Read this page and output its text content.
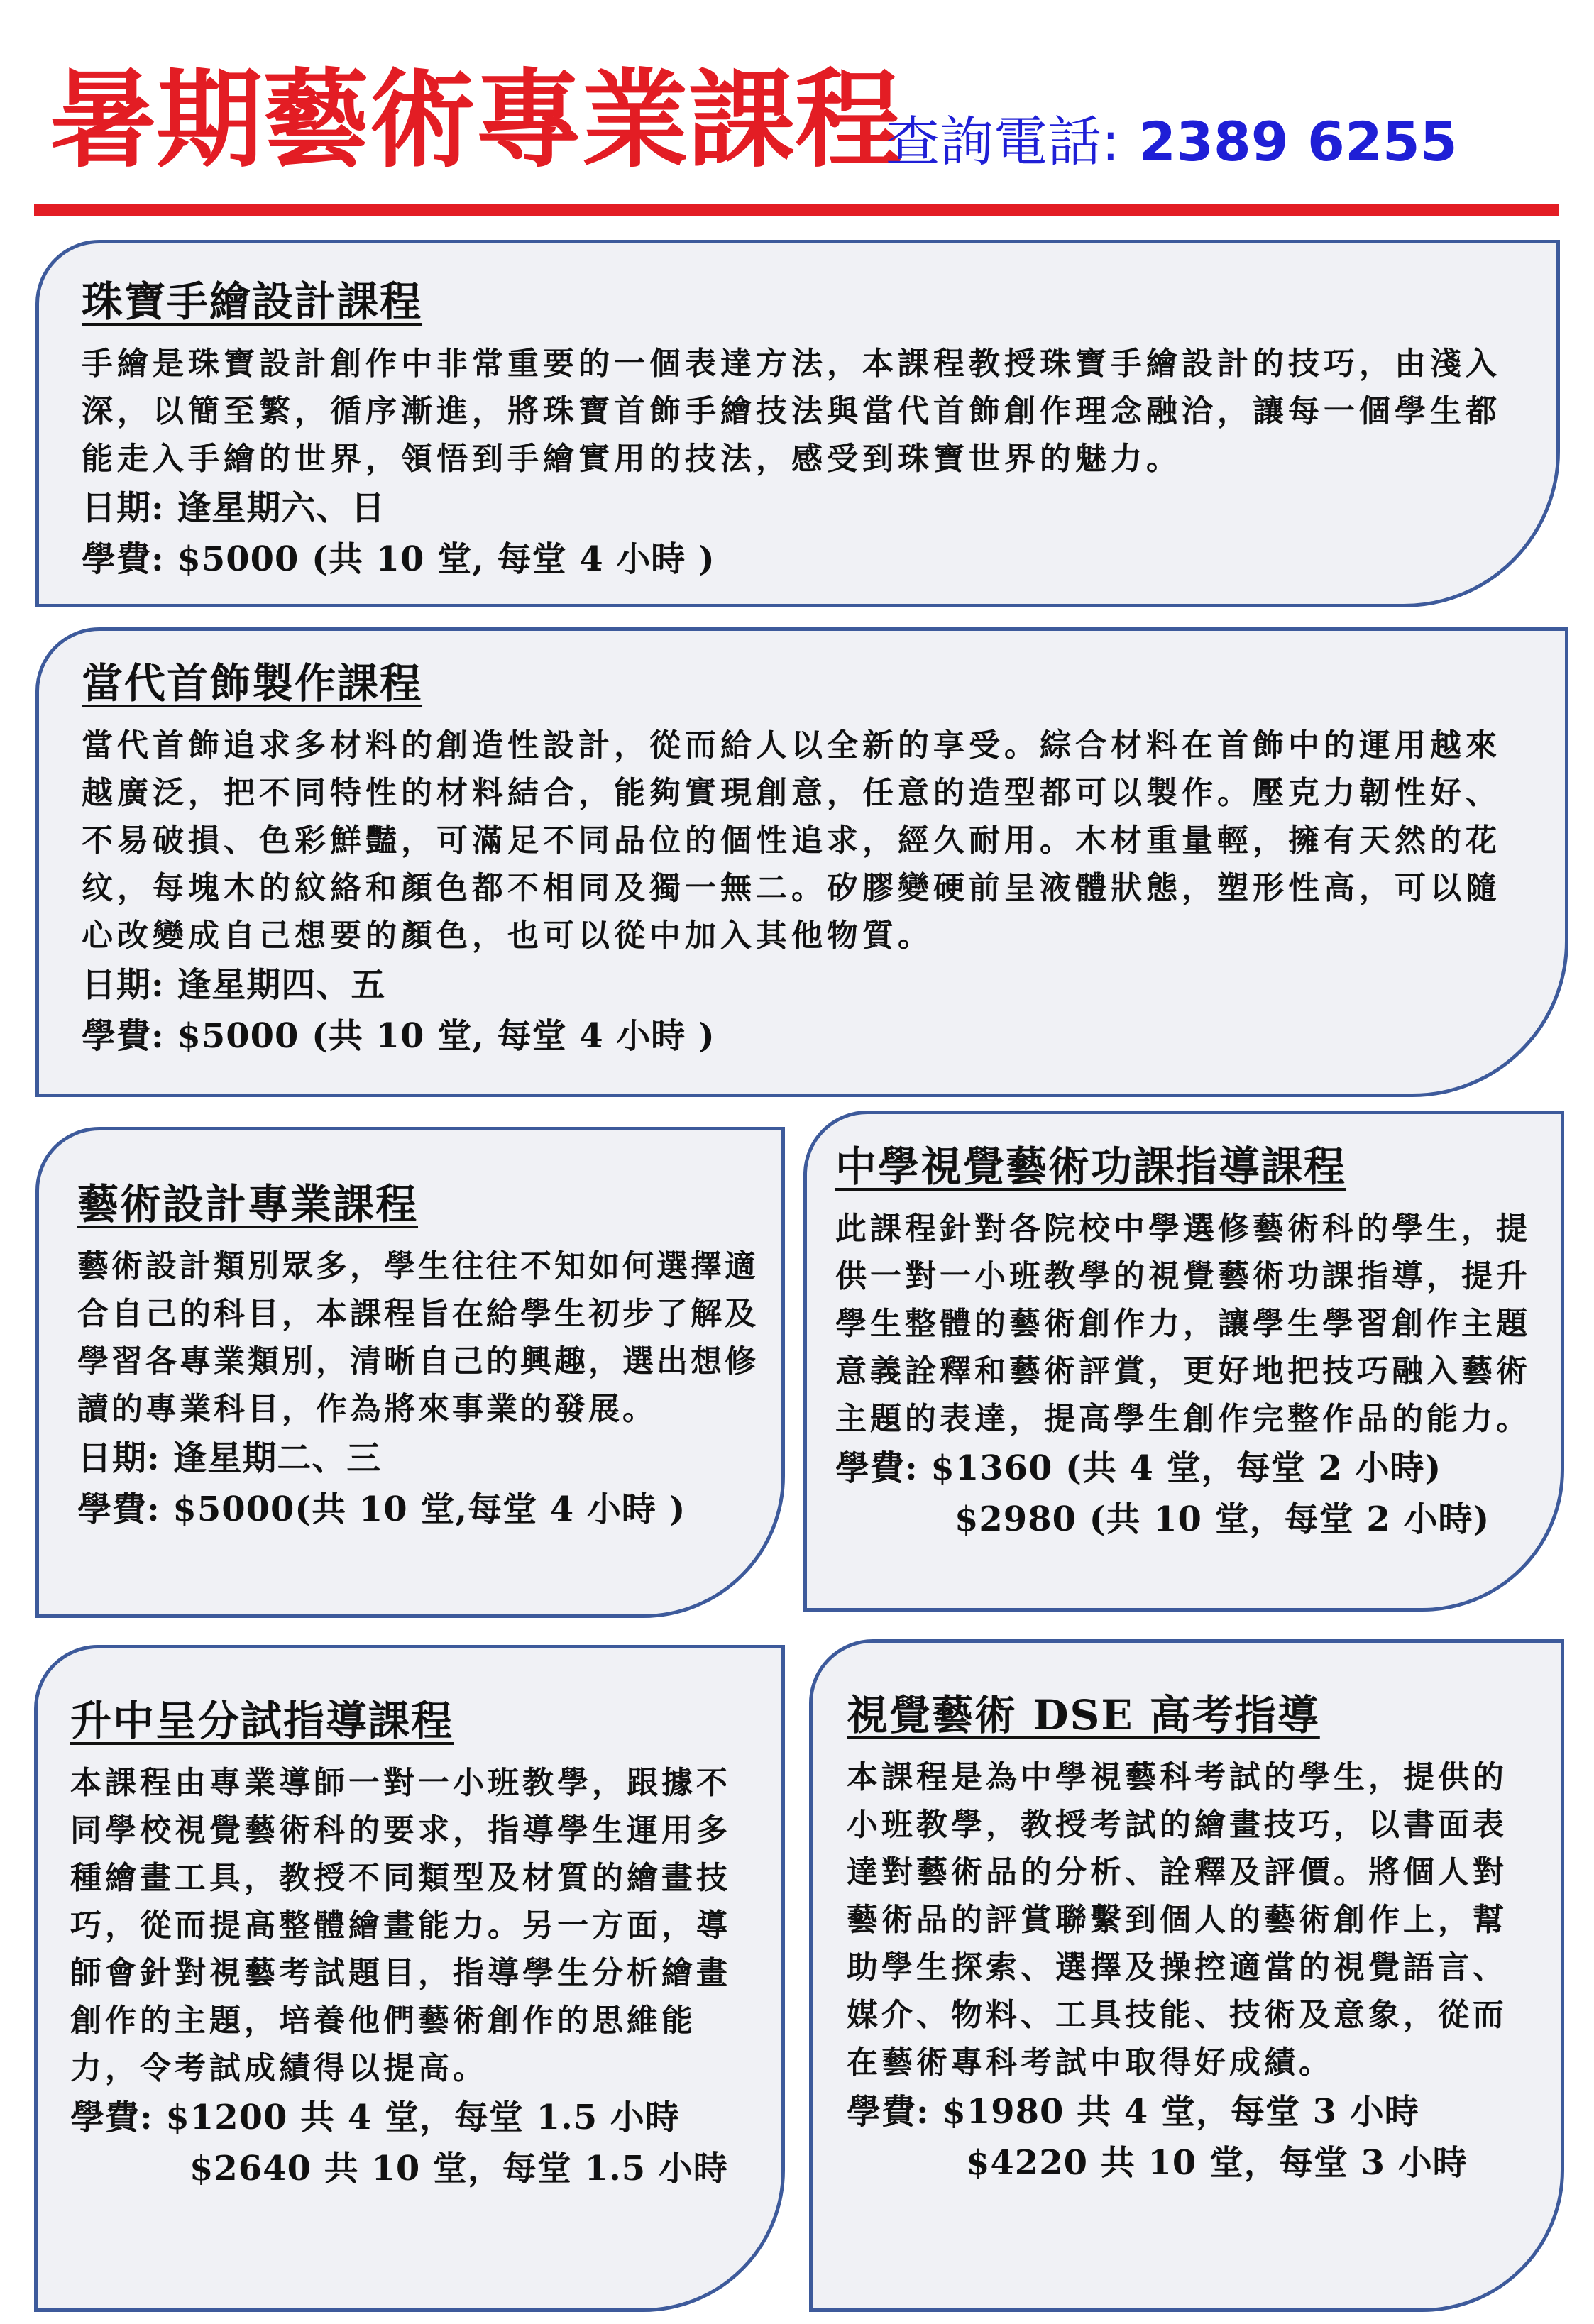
暑期藝術專業課程
查詢電話: 2389 6255
珠寶手繪設計課程

手繪是珠寶設計創作中非常重要的一個表達方法，本課程教授珠寶手繪設計的技巧，由淺入深，以簡至繁，循序漸進，將珠寶首飾手繪技法與當代首飾創作理念融洽，讓每一個學生都能走入手繪的世界，領悟到手繪實用的技法，感受到珠寶世界的魅力。

日期: 逢星期六、日

學費: $5000 (共 10 堂, 每堂 4 小時 )

當代首飾製作課程

當代首飾追求多材料的創造性設計，從而給人以全新的享受。綜合材料在首飾中的運用越來越廣泛，把不同特性的材料結合，能夠實現創意，任意的造型都可以製作。壓克力韌性好、 不易破損、色彩鮮豔，可滿足不同品位的個性追求，經久耐用。木材重量輕，擁有天然的花 纹，每塊木的紋絡和顏色都不相同及獨一無二。矽膠變硬前呈液體狀態，塑形性高，可以隨心改變成自己想要的顏色，也可以從中加入其他物質。

日期: 逢星期四、五

學費: $5000 (共 10 堂, 每堂 4 小時 )

藝術設計專業課程

藝術設計類別眾多，學生往往不知如何選擇適合自己的科目，本課程旨在給學生初步了解及學習各專業類別，清晰自己的興趣，選出想修讀的專業科目，作為將來事業的發展。

日期: 逢星期二、三

學費: $5000(共 10 堂,每堂 4 小時 )

中學視覺藝術功課指導課程

此課程針對各院校中學選修藝術科的學生，提供一對一小班教學的視覺藝術功課指導，提升學生整體的藝術創作力，讓學生學習創作主題意義詮釋和藝術評賞，更好地把技巧融入藝術主題的表達，提高學生創作完整作品的能力。

學費: $1360 (共 4 堂，每堂 2 小時)

$2980 (共 10 堂，每堂 2 小時)

升中呈分試指導課程

本課程由專業導師一對一小班教學，跟據不同學校視覺藝術科的要求，指導學生運用多種繪畫工具，教授不同類型及材質的繪畫技巧，從而提高整體繪畫能力。另一方面，導師會針對視藝考試題目，指導學生分析繪畫創作的主題，培養他們藝術創作的思維能力，令考試成績得以提高。

學費: $1200 共 4 堂，每堂 1.5 小時

$2640 共 10 堂，每堂 1.5 小時

視覺藝術 DSE 高考指導

本課程是為中學視藝科考試的學生，提供的小班教學，教授考試的繪畫技巧，以書面表達對藝術品的分析、詮釋及評價。將個人對藝術品的評賞聯繫到個人的藝術創作上，幫助學生探索、選擇及操控適當的視覺語言、媒介、物料、工具技能、技術及意象，從而在藝術專科考試中取得好成績。

學費: $1980 共 4 堂，每堂 3 小時

$4220 共 10 堂，每堂 3 小時
